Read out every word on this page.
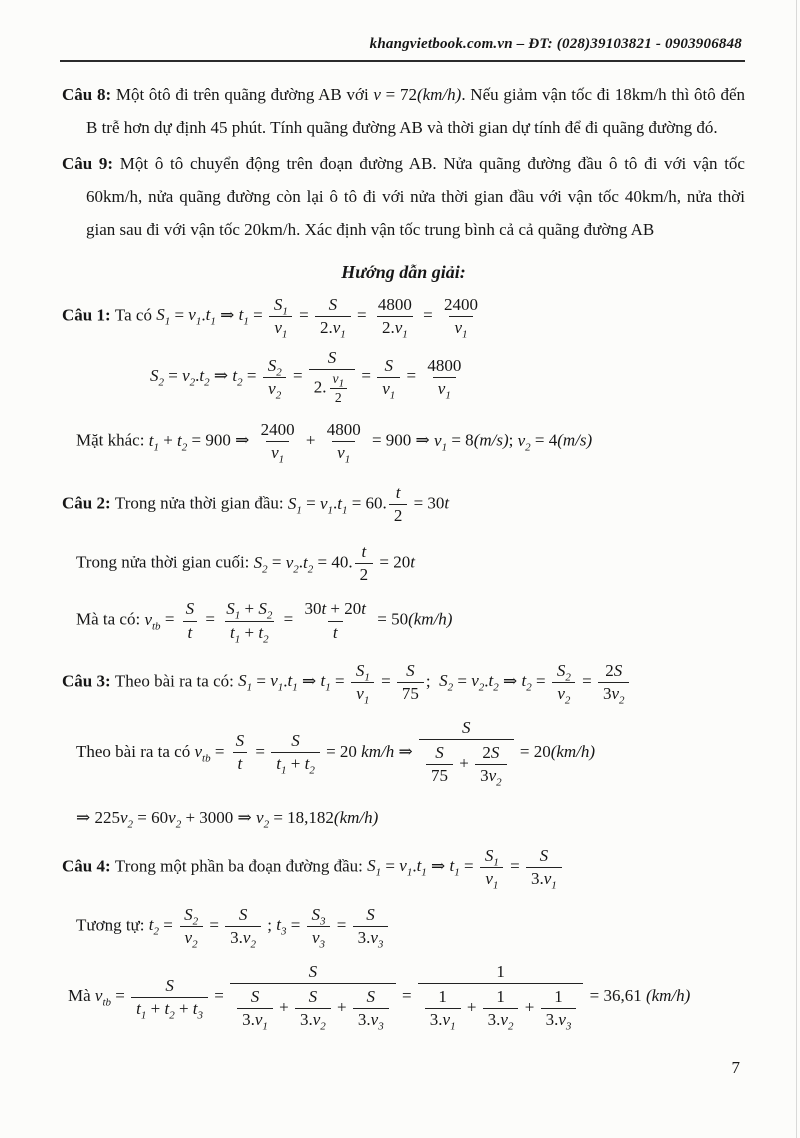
khangvietbook.com.vn – ĐT: (028)39103821 - 0903906848
Câu 8: Một ôtô đi trên quãng đường AB với v = 72(km/h). Nếu giảm vận tốc đi 18km/h thì ôtô đến B trễ hơn dự định 45 phút. Tính quãng đường AB và thời gian dự tính để đi quãng đường đó.
Câu 9: Một ô tô chuyển động trên đoạn đường AB. Nửa quãng đường đầu ô tô đi với vận tốc 60km/h, nửa quãng đường còn lại ô tô đi với nửa thời gian đầu với vận tốc 40km/h, nửa thời gian sau đi với vận tốc 20km/h. Xác định vận tốc trung bình cả cả quãng đường AB
Hướng dẫn giải:
Câu 1: Ta có $S_1 = v_1.t_1$ ⇒ $t_1 = \frac{S_1}{v_1} = \frac{S}{2.v_1} = \frac{4800}{2.v_1} = \frac{2400}{v_1}$
$S_2 = v_2.t_2$ ⇒ $t_2 = \frac{S_2}{v_2} = \frac{S}{2. \frac{v_1}{2}} = \frac{S}{v_1} = \frac{4800}{v_1}$
Mặt khác: $t_1 + t_2 = 900$ ⇒ $\frac{2400}{v_1} + \frac{4800}{v_1} = 900$ ⇒ $v_1 = 8(m/s)$; $v_2 = 4(m/s)$
Câu 2: Trong nửa thời gian đầu: $S_1 = v_1.t_1 = 60$. $\frac{t}{2} = 30t$
Trong nửa thời gian cuối: $S_2 = v_2.t_2 = 40$. $\frac{t}{2} = 20t$
Mà ta có: $v_{tb} = \frac{S}{t} = \frac{S_1 + S_2}{t_1 + t_2} = \frac{30t + 20t}{t} = 50(km/h)$
Câu 3: Theo bài ra ta có: $S_1 = v_1.t_1$ ⇒ $t_1 = \frac{S_1}{v_1} = \frac{S}{75}$ ;  $S_2 = v_2.t_2$ ⇒ $t_2 = \frac{S_2}{v_2} = \frac{2S}{3v_2}$
Theo bài ra ta có $v_{tb} = \frac{S}{t} = \frac{S}{t_1 + t_2} = 20$ km/h ⇒ $\frac{S}{\frac{S}{75} + \frac{2S}{3v_2}} = 20(km/h)$
⇒ $225v_2 = 60v_2 + 3000$ ⇒ $v_2 = 18,182(km/h)$
Câu 4: Trong một phần ba đoạn đường đầu: $S_1 = v_1.t_1$ ⇒ $t_1 = \frac{S_1}{v_1} = \frac{S}{3.v_1}$
Tương tự: $t_2 = \frac{S_2}{v_2} = \frac{S}{3.v_2}$ ; $t_3 = \frac{S_3}{v_3} = \frac{S}{3.v_3}$
Mà $v_{tb} = \frac{S}{t_1 + t_2 + t_3} = \frac{S}{\frac{S}{3.v_1} + \frac{S}{3.v_2} + \frac{S}{3.v_3}} = \frac{1}{\frac{1}{3.v_1} + \frac{1}{3.v_2} + \frac{1}{3.v_3}} = 36,61$ (km/h)
7
